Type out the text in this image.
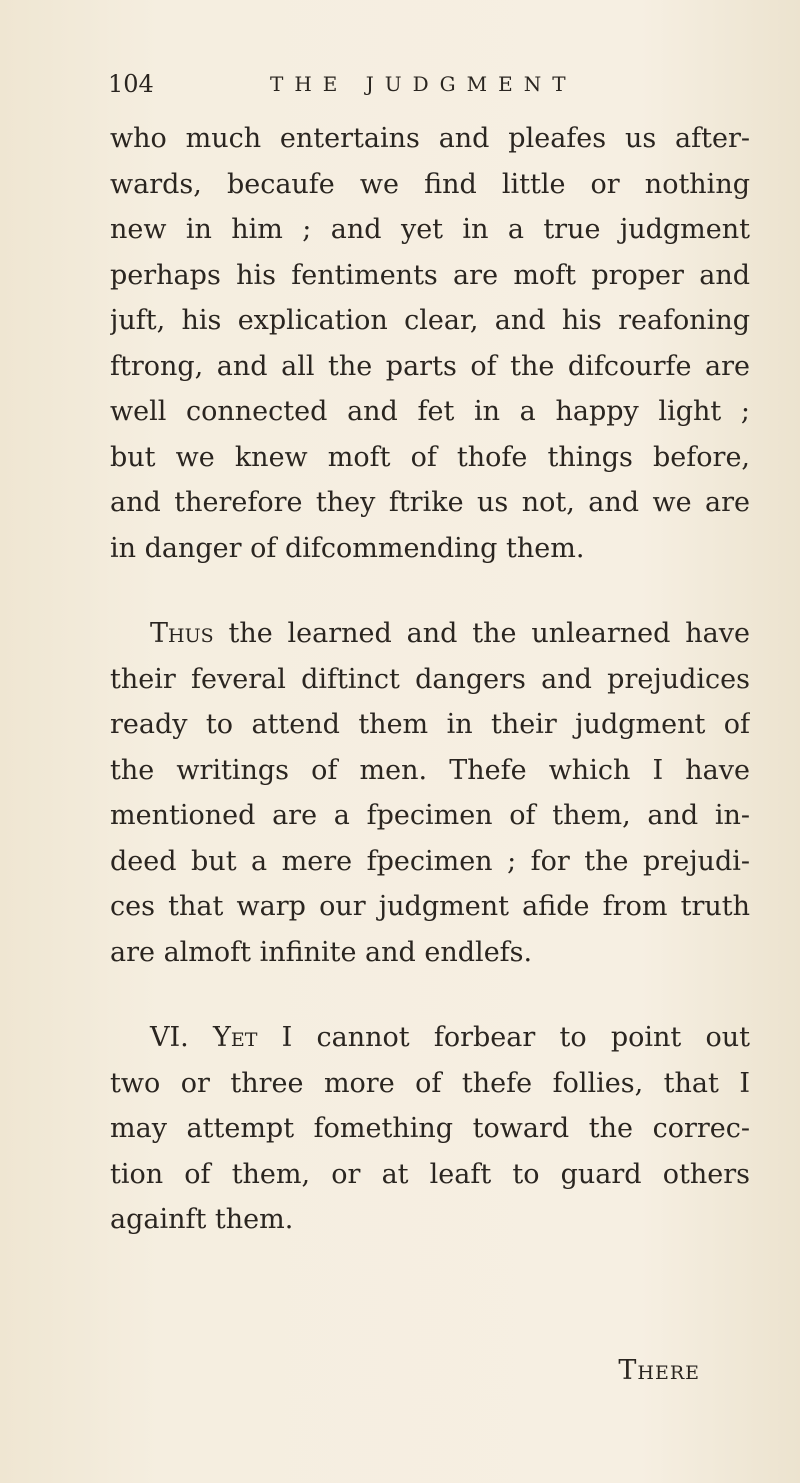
104	THE JUDGMENT
who much entertains and pleafes us after-
wards, becaufe we find little or nothing
new in him ; and yet in a true judgment
perhaps his fentiments are moft proper and
juft, his explication clear, and his reafoning
ftrong, and all the parts of the difcourfe are
well connected and fet in a happy light ;
but we knew moft of thofe things before,
and therefore they ftrike us not, and we are
in danger of difcommending them.
Thus the learned and the unlearned have
their feveral diftinct dangers and prejudices
ready to attend them in their judgment of
the writings of men. Thefe which I have
mentioned are a fpecimen of them, and in-
deed but a mere fpecimen ; for the prejudi-
ces that warp our judgment afide from truth
are almoft infinite and endlefs.
VI. Yet I cannot forbear to point out
two or three more of thefe follies, that I
may attempt fomething toward the correc-
tion of them, or at leaft to guard others
againft them.
There
